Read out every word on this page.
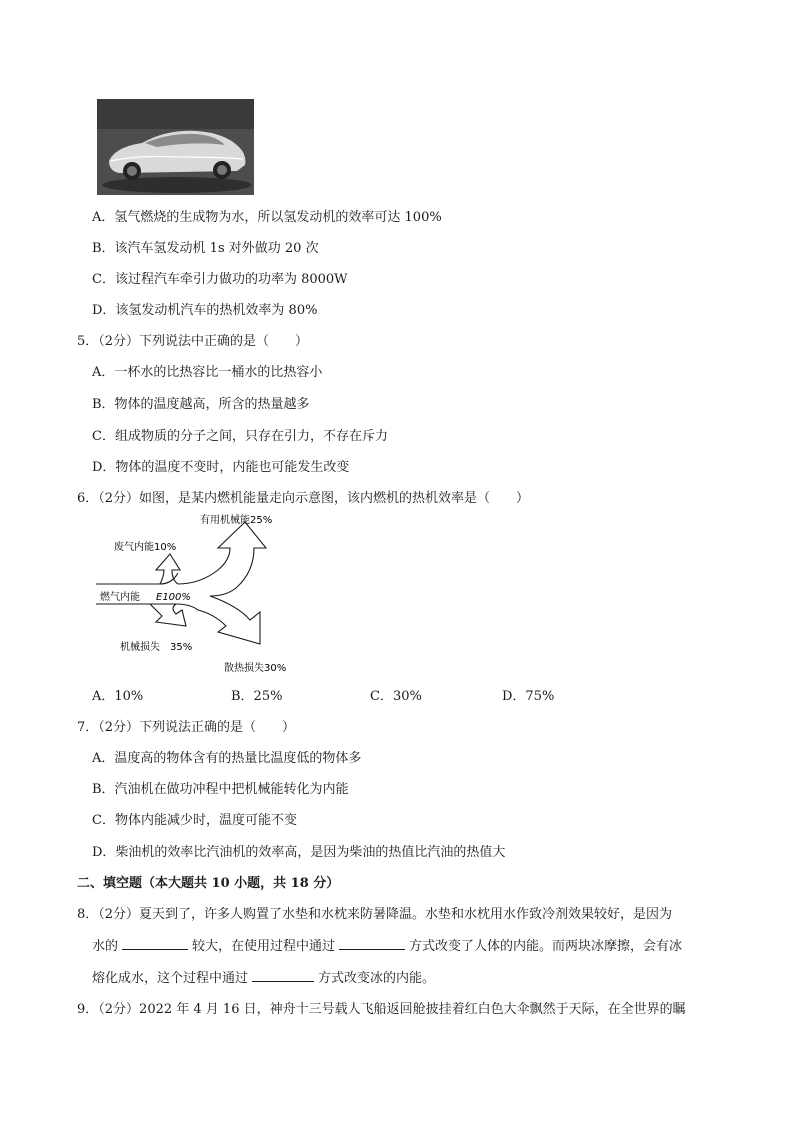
A．氢气燃烧的生成物为水，所以氢发动机的效率可达 100%
B．该汽车氢发动机 1s 对外做功 20 次
C．该过程汽车牵引力做功的功率为 8000W
D．该氢发动机汽车的热机效率为 80%
5．（2分）下列说法中正确的是（　　）
A．一杯水的比热容比一桶水的比热容小
B．物体的温度越高，所含的热量越多
C．组成物质的分子之间，只存在引力，不存在斥力
D．物体的温度不变时，内能也可能发生改变
6．（2分）如图，是某内燃机能量走向示意图，该内燃机的热机效率是（　　）
有用机械能25%
废气内能10%
燃气内能 E100%
机械损失　35%
散热损失30%
A．10%	B．25%	C．30%	D．75%
7．（2分）下列说法正确的是（　　）
A．温度高的物体含有的热量比温度低的物体多
B．汽油机在做功冲程中把机械能转化为内能
C．物体内能减少时，温度可能不变
D．柴油机的效率比汽油机的效率高，是因为柴油的热值比汽油的热值大
二、填空题（本大题共 10 小题，共 18 分）
8．（2分）夏天到了，许多人购置了水垫和水枕来防暑降温。水垫和水枕用水作致冷剂效果较好，是因为
水的	较大，在使用过程中通过	方式改变了人体的内能。而两块冰摩擦，会有冰
熔化成水，这个过程中通过	方式改变冰的内能。
9．（2分）2022 年 4 月 16 日，神舟十三号载人飞船返回舱披挂着红白色大伞飘然于天际，在全世界的瞩
